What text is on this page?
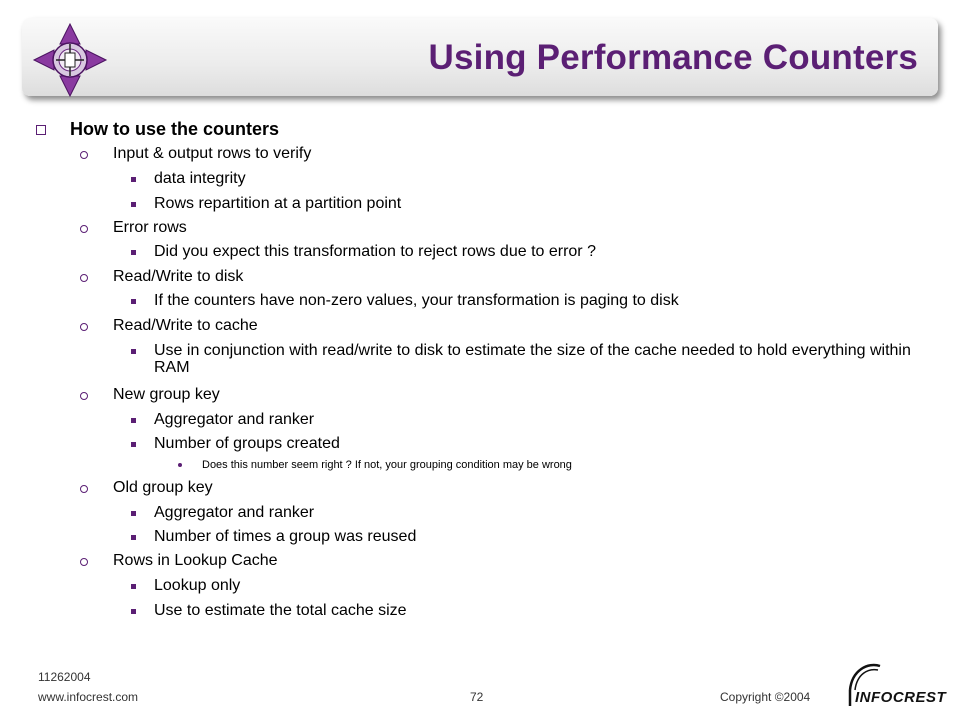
Using Performance Counters
How to use the counters
Input & output rows to verify
data integrity
Rows repartition at a partition point
Error rows
Did you expect this transformation to reject rows due to error ?
Read/Write to disk
If the counters have non-zero values, your transformation is paging to disk
Read/Write to cache
Use in conjunction with read/write to disk to estimate the size of the cache needed to hold everything within RAM
New group key
Aggregator and ranker
Number of groups created
Does this number seem right ? If not, your grouping condition may be wrong
Old group key
Aggregator and ranker
Number of times a group was reused
Rows in Lookup Cache
Lookup only
Use to estimate the total cache size
11262004
www.infocrest.com	72	Copyright ©2004	INFOCREST
